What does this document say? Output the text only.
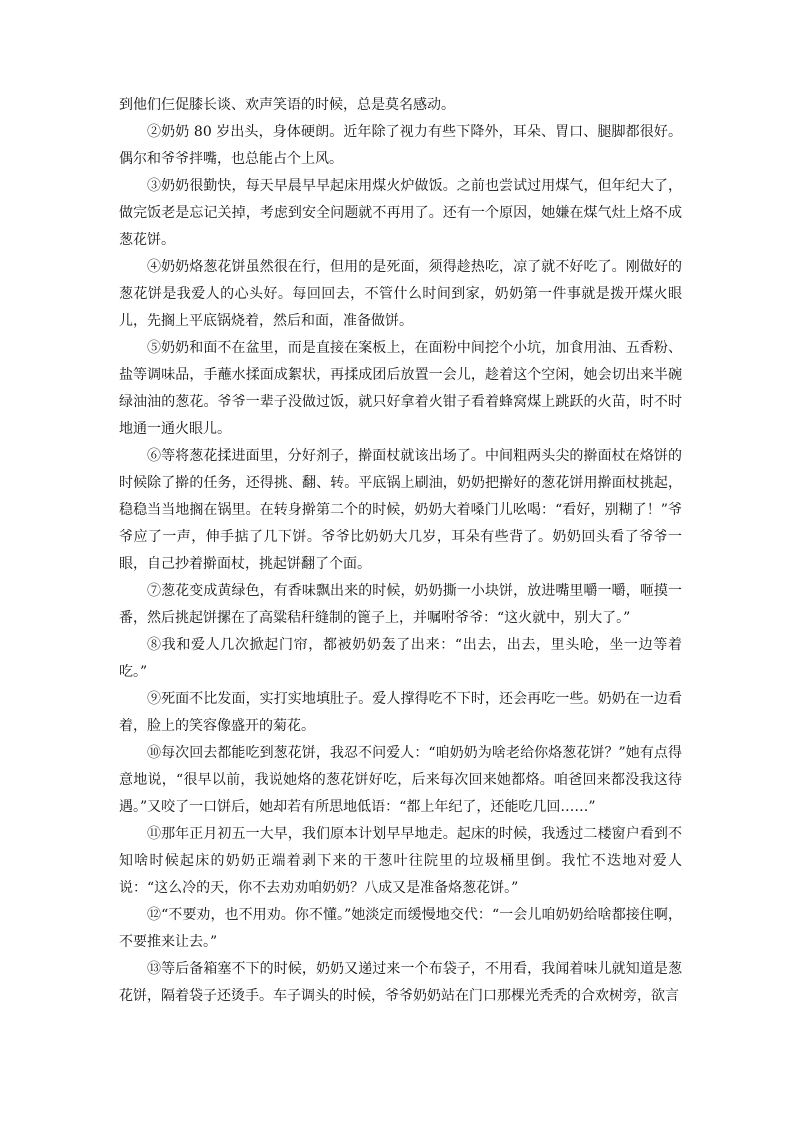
到他们仨促膝长谈、欢声笑语的时候，总是莫名感动。

②奶奶 80 岁出头，身体硬朗。近年除了视力有些下降外，耳朵、胃口、腿脚都很好。偶尔和爷爷拌嘴，也总能占个上风。

③奶奶很勤快，每天早晨早早起床用煤火炉做饭。之前也尝试过用煤气，但年纪大了，做完饭老是忘记关掉，考虑到安全问题就不再用了。还有一个原因，她嫌在煤气灶上烙不成葱花饼。

④奶奶烙葱花饼虽然很在行，但用的是死面，须得趁热吃，凉了就不好吃了。刚做好的葱花饼是我爱人的心头好。每回回去，不管什么时间到家，奶奶第一件事就是拨开煤火眼儿，先搁上平底锅烧着，然后和面，准备做饼。

⑤奶奶和面不在盆里，而是直接在案板上，在面粉中间挖个小坑，加食用油、五香粉、盐等调味品，手蘸水揉面成絮状，再揉成团后放置一会儿，趁着这个空闲，她会切出来半碗绿油油的葱花。爷爷一辈子没做过饭，就只好拿着火钳子看着蜂窝煤上跳跃的火苗，时不时地通一通火眼儿。

⑥等将葱花揉进面里，分好剂子，擀面杖就该出场了。中间粗两头尖的擀面杖在烙饼的时候除了擀的任务，还得挑、翻、转。平底锅上刷油，奶奶把擀好的葱花饼用擀面杖挑起，稳稳当当地搁在锅里。在转身擀第二个的时候，奶奶大着嗓门儿吆喝：“看好，别糊了！”爷爷应了一声，伸手掂了几下饼。爷爷比奶奶大几岁，耳朵有些背了。奶奶回头看了爷爷一眼，自己抄着擀面杖，挑起饼翻了个面。

⑦葱花变成黄绿色，有香味飘出来的时候，奶奶撕一小块饼，放进嘴里嚼一嚼，咂摸一番，然后挑起饼摞在了高粱秸秆缝制的篦子上，并嘱咐爷爷：“这火就中，别大了。”

⑧我和爱人几次掀起门帘，都被奶奶轰了出来：“出去，出去，里头呛，坐一边等着吃。”

⑨死面不比发面，实打实地填肚子。爱人撑得吃不下时，还会再吃一些。奶奶在一边看着，脸上的笑容像盛开的菊花。

⑩每次回去都能吃到葱花饼，我忍不问爱人：“咱奶奶为啥老给你烙葱花饼？”她有点得意地说，“很早以前，我说她烙的葱花饼好吃，后来每次回来她都烙。咱爸回来都没我这待遇。”又咬了一口饼后，她却若有所思地低语：“都上年纪了，还能吃几回……”

⑪那年正月初五一大早，我们原本计划早早地走。起床的时候，我透过二楼窗户看到不知啥时候起床的奶奶正端着剥下来的干葱叶往院里的垃圾桶里倒。我忙不迭地对爱人说：“这么冷的天，你不去劝劝咱奶奶？八成又是准备烙葱花饼。”

⑫“不要劝，也不用劝。你不懂。”她淡定而缓慢地交代：“一会儿咱奶奶给啥都接住啊，不要推来让去。”

⑬等后备箱塞不下的时候，奶奶又递过来一个布袋子，不用看，我闻着味儿就知道是葱花饼，隔着袋子还烫手。车子调头的时候，爷爷奶奶站在门口那棵光秃秃的合欢树旁，欲言
